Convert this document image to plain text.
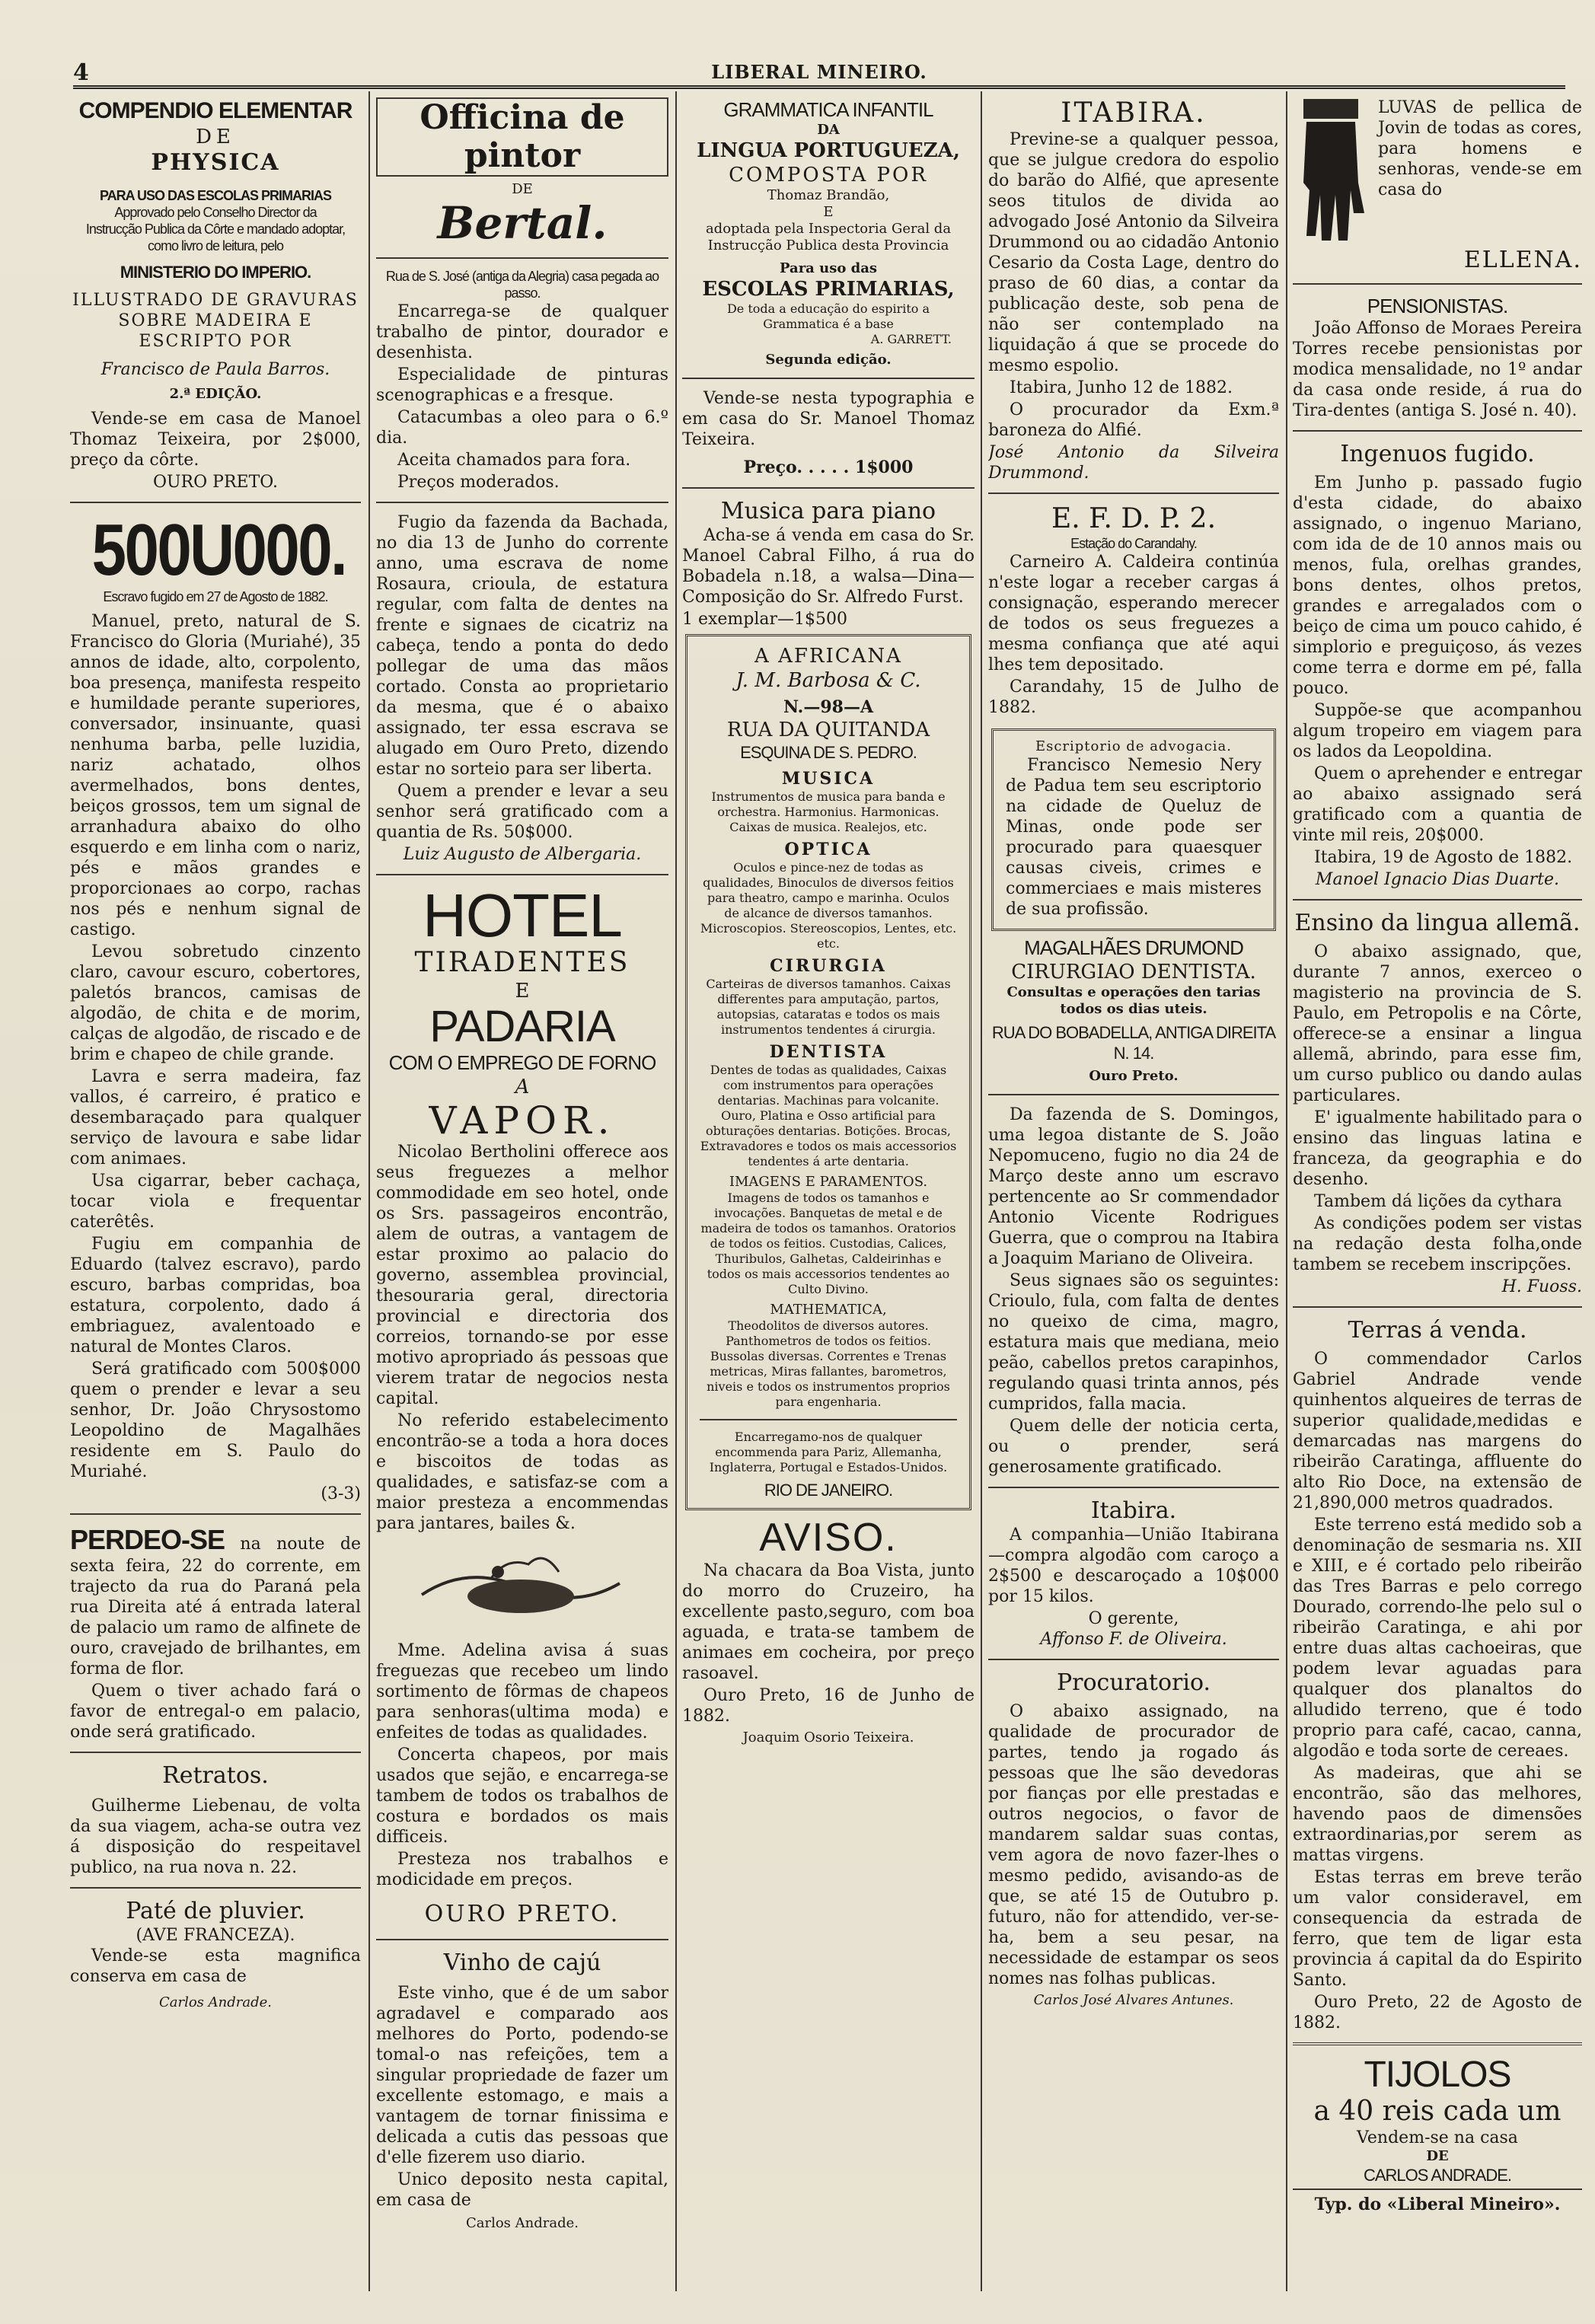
4	LIBERAL MINEIRO.
COMPENDIO ELEMENTAR
DE
PHYSICA
PARA USO DAS ESCOLAS PRIMARIAS
Approvado pelo Conselho Director da Instrucção Publica da Côrte e mandado adoptar, como livro de leitura, pelo
MINISTERIO DO IMPERIO.
ILLUSTRADO DE GRAVURAS SOBRE MADEIRA E ESCRIPTO POR
Francisco de Paula Barros.
2.ª EDIÇÃO.

Vende-se em casa de Manoel Thomaz Teixeira, por 2$000, preço da côrte.

OURO PRETO.
500U000.
Escravo fugido em 27 de Agosto de 1882.

Manuel, preto, natural de S. Francisco do Gloria (Muriahé), 35 annos de idade, alto, corpolento, boa presença, manifesta respeito e humildade perante superiores, conversador, insinuante, quasi nenhuma barba, pelle luzidia, nariz achatado, olhos avermelhados, bons dentes, beiços grossos, tem um signal de arranhadura abaixo do olho esquerdo e em linha com o nariz, pés e mãos grandes e proporcionaes ao corpo, rachas nos pés e nenhum signal de castigo.

Levou sobretudo cinzento claro, cavour escuro, cobertores, paletós brancos, camisas de algodão, de chita e de morim, calças de algodão, de riscado e de brim e chapeo de chile grande.

Lavra e serra madeira, faz vallos, é carreiro, é pratico e desembaraçado para qualquer serviço de lavoura e sabe lidar com animaes.

Usa cigarrar, beber cachaça, tocar viola e frequentar caterêtês.

Fugiu em companhia de Eduardo (talvez escravo), pardo escuro, barbas compridas, boa estatura, corpolento, dado á embriaguez, avalentoado e natural de Montes Claros.

Será gratificado com 500$000 quem o prender e levar a seu senhor, Dr. João Chrysostomo Leopoldino de Magalhães residente em S. Paulo do Muriahé.

(3-3)

PERDEO-SE na noute de sexta feira, 22 do corrente, em trajecto da rua do Paraná pela rua Direita até á entrada lateral de palacio um ramo de alfinete de ouro, cravejado de brilhantes, em forma de flor.

Quem o tiver achado fará o favor de entregal-o em palacio, onde será gratificado.

Retratos.

Guilherme Liebenau, de volta da sua viagem, acha-se outra vez á disposição do respeitavel publico, na rua nova n. 22.

Paté de pluvier.
(AVE FRANCEZA).

Vende-se esta magnifica conserva em casa de

Carlos Andrade.
Officina de pintor
DE
Bertal.
Rua de S. José (antiga da Alegria) casa pegada ao passo.

Encarrega-se de qualquer trabalho de pintor, dourador e desenhista.

Especialidade de pinturas scenographicas e a fresque.

Catacumbas a oleo para o 6.º dia.

Aceita chamados para fora.

Preços moderados.

Fugio da fazenda da Bachada, no dia 13 de Junho do corrente anno, uma escrava de nome Rosaura, crioula, de estatura regular, com falta de dentes na frente e signaes de cicatriz na cabeça, tendo a ponta do dedo pollegar de uma das mãos cortado. Consta ao proprietario da mesma, que é o abaixo assignado, ter essa escrava se alugado em Ouro Preto, dizendo estar no sorteio para ser liberta.

Quem a prender e levar a seu senhor será gratificado com a quantia de Rs. 50$000.

Luiz Augusto de Albergaria.
HOTEL
TIRADENTES
E
PADARIA
COM O EMPREGO DE FORNO
A
VAPOR.

Nicolao Bertholini offerece aos seus freguezes a melhor commodidade em seo hotel, onde os Srs. passageiros encontrão, alem de outras, a vantagem de estar proximo ao palacio do governo, assemblea provincial, thesouraria geral, directoria provincial e directoria dos correios, tornando-se por esse motivo apropriado ás pessoas que vierem tratar de negocios nesta capital.

No referido estabelecimento encontrão-se a toda a hora doces e biscoitos de todas as qualidades, e satisfaz-se com a maior presteza a encommendas para jantares, bailes &.

Mme. Adelina avisa á suas freguezas que recebeo um lindo sortimento de fôrmas de chapeos para senhoras(ultima moda) e enfeites de todas as qualidades.

Concerta chapeos, por mais usados que sejão, e encarrega-se tambem de todos os trabalhos de costura e bordados os mais difficeis.

Presteza nos trabalhos e modicidade em preços.

OURO PRETO.
Vinho de cajú

Este vinho, que é de um sabor agradavel e comparado aos melhores do Porto, podendo-se tomal-o nas refeições, tem a singular propriedade de fazer um excellente estomago, e mais a vantagem de tornar finissima e delicada a cutis das pessoas que d'elle fizerem uso diario.

Unico deposito nesta capital, em casa de

Carlos Andrade.
GRAMMATICA INFANTIL
DA
LINGUA PORTUGUEZA,
COMPOSTA POR
Thomaz Brandão,
E
adoptada pela Inspectoria Geral da Instrucção Publica desta Provincia
Para uso das
ESCOLAS PRIMARIAS,
De toda a educação do espirito a Grammatica é a base
A. GARRETT.
Segunda edição.

Vende-se nesta typographia e em casa do Sr. Manoel Thomaz Teixeira.

Preço. . . . . 1$000
Musica para piano

Acha-se á venda em casa do Sr. Manoel Cabral Filho, á rua do Bobadela n.18, a walsa—Dina—Composição do Sr. Alfredo Furst.

1 exemplar—1$500

A AFRICANA
J. M. Barbosa & C.
N.—98—A
RUA DA QUITANDA
ESQUINA DE S. PEDRO.
MUSICA
Instrumentos de musica para banda e orchestra. Harmonius. Harmonicas. Caixas de musica. Realejos, etc.
OPTICA
Oculos e pince-nez de todas as qualidades, Binoculos de diversos feitios para theatro, campo e marinha. Oculos de alcance de diversos tamanhos. Microscopios. Stereoscopios, Lentes, etc. etc.
CIRURGIA
Carteiras de diversos tamanhos. Caixas differentes para amputação, partos, autopsias, cataratas e todos os mais instrumentos tendentes á cirurgia.
DENTISTA
Dentes de todas as qualidades, Caixas com instrumentos para operações dentarias. Machinas para volcanite. Ouro, Platina e Osso artificial para obturações dentarias. Botições. Brocas, Extravadores e todos os mais accessorios tendentes á arte dentaria.
IMAGENS E PARAMENTOS.
Imagens de todos os tamanhos e invocações. Banquetas de metal e de madeira de todos os tamanhos. Oratorios de todos os feitios. Custodias, Calices, Thuribulos, Galhetas, Caldeirinhas e todos os mais accessorios tendentes ao Culto Divino.
MATHEMATICA,
Theodolitos de diversos autores. Panthometros de todos os feitios. Bussolas diversas. Correntes e Trenas metricas, Miras fallantes, barometros, niveis e todos os instrumentos proprios para engenharia.
Encarregamo-nos de qualquer encommenda para Pariz, Allemanha, Inglaterra, Portugal e Estados-Unidos.
RIO DE JANEIRO.
AVISO.

Na chacara da Boa Vista, junto do morro do Cruzeiro, ha excellente pasto,seguro, com boa aguada, e trata-se tambem de animaes em cocheira, por preço rasoavel.

Ouro Preto, 16 de Junho de 1882.

Joaquim Osorio Teixeira.
ITABIRA.

Previne-se a qualquer pessoa, que se julgue credora do espolio do barão do Alfié, que apresente seos titulos de divida ao advogado José Antonio da Silveira Drummond ou ao cidadão Antonio Cesario da Costa Lage, dentro do praso de 60 dias, a contar da publicação deste, sob pena de não ser contemplado na liquidação á que se procede do mesmo espolio.

Itabira, Junho 12 de 1882.

O procurador da Exm.ª baroneza do Alfié.

José Antonio da Silveira Drummond.
E. F. D. P. 2.
Estação do Carandahy.

Carneiro A. Caldeira continúa n'este logar a receber cargas á consignação, esperando merecer de todos os seus freguezes a mesma confiança que até aqui lhes tem depositado.

Carandahy, 15 de Julho de 1882.

Escriptorio de advogacia.

Francisco Nemesio Nery de Padua tem seu escriptorio na cidade de Queluz de Minas, onde pode ser procurado para quaesquer causas civeis, crimes e commerciaes e mais misteres de sua profissão.

MAGALHÃES DRUMOND
CIRURGIAO DENTISTA.
Consultas e operações den tarias todos os dias uteis.
RUA DO BOBADELLA, ANTIGA DIREITA N. 14.
Ouro Preto.

Da fazenda de S. Domingos, uma legoa distante de S. João Nepomuceno, fugio no dia 24 de Março deste anno um escravo pertencente ao Sr commendador Antonio Vicente Rodrigues Guerra, que o comprou na Itabira a Joaquim Mariano de Oliveira.

Seus signaes são os seguintes: Crioulo, fula, com falta de dentes no queixo de cima, magro, estatura mais que mediana, meio peão, cabellos pretos carapinhos, regulando quasi trinta annos, pés cumpridos, falla macia.

Quem delle der noticia certa, ou o prender, será generosamente gratificado.

Itabira.

A companhia—União Itabirana—compra algodão com caroço a 2$500 e descaroçado a 10$000 por 15 kilos.

O gerente,
Affonso F. de Oliveira.
Procuratorio.

O abaixo assignado, na qualidade de procurador de partes, tendo ja rogado ás pessoas que lhe são devedoras por fianças por elle prestadas e outros negocios, o favor de mandarem saldar suas contas, vem agora de novo fazer-lhes o mesmo pedido, avisando-as de que, se até 15 de Outubro p. futuro, não for attendido, ver-se-ha, bem a seu pesar, na necessidade de estampar os seos nomes nas folhas publicas.

Carlos José Alvares Antunes.
LUVAS de pellica de Jovin de todas as cores, para homens e senhoras, vende-se em casa do
ELLENA.
PENSIONISTAS.

João Affonso de Moraes Pereira Torres recebe pensionistas por modica mensalidade, no 1º andar da casa onde reside, á rua do Tira-dentes (antiga S. José n. 40).

Ingenuos fugido.

Em Junho p. passado fugio d'esta cidade, do abaixo assignado, o ingenuo Mariano, com ida de de 10 annos mais ou menos, fula, orelhas grandes, bons dentes, olhos pretos, grandes e arregalados com o beiço de cima um pouco cahido, é simplorio e preguiçoso, ás vezes come terra e dorme em pé, falla pouco.

Suppõe-se que acompanhou algum tropeiro em viagem para os lados da Leopoldina.

Quem o aprehender e entregar ao abaixo assignado será gratificado com a quantia de vinte mil reis, 20$000.

Itabira, 19 de Agosto de 1882.

Manoel Ignacio Dias Duarte.
Ensino da lingua allemã.

O abaixo assignado, que, durante 7 annos, exerceo o magisterio na provincia de S. Paulo, em Petropolis e na Côrte, offerece-se a ensinar a lingua allemã, abrindo, para esse fim, um curso publico ou dando aulas particulares.

E' igualmente habilitado para o ensino das linguas latina e franceza, da geographia e do desenho.

Tambem dá lições da cythara

As condições podem ser vistas na redação desta folha,onde tambem se recebem inscripções.

H. Fuoss.
Terras á venda.

O commendador Carlos Gabriel Andrade vende quinhentos alqueires de terras de superior qualidade,medidas e demarcadas nas margens do ribeirão Caratinga, affluente do alto Rio Doce, na extensão de 21,890,000 metros quadrados.

Este terreno está medido sob a denominação de sesmaria ns. XII e XIII, e é cortado pelo ribeirão das Tres Barras e pelo corrego Dourado, correndo-lhe pelo sul o ribeirão Caratinga, e ahi por entre duas altas cachoeiras, que podem levar aguadas para qualquer dos planaltos do alludido terreno, que é todo proprio para café, cacao, canna, algodão e toda sorte de cereaes.

As madeiras, que ahi se encontrão, são das melhores, havendo paos de dimensões extraordinarias,por serem as mattas virgens.

Estas terras em breve terão um valor consideravel, em consequencia da estrada de ferro, que tem de ligar esta provincia á capital da do Espirito Santo.

Ouro Preto, 22 de Agosto de 1882.

TIJOLOS
a 40 reis cada um
Vendem-se na casa
DE
CARLOS ANDRADE.
Typ. do «Liberal Mineiro».
